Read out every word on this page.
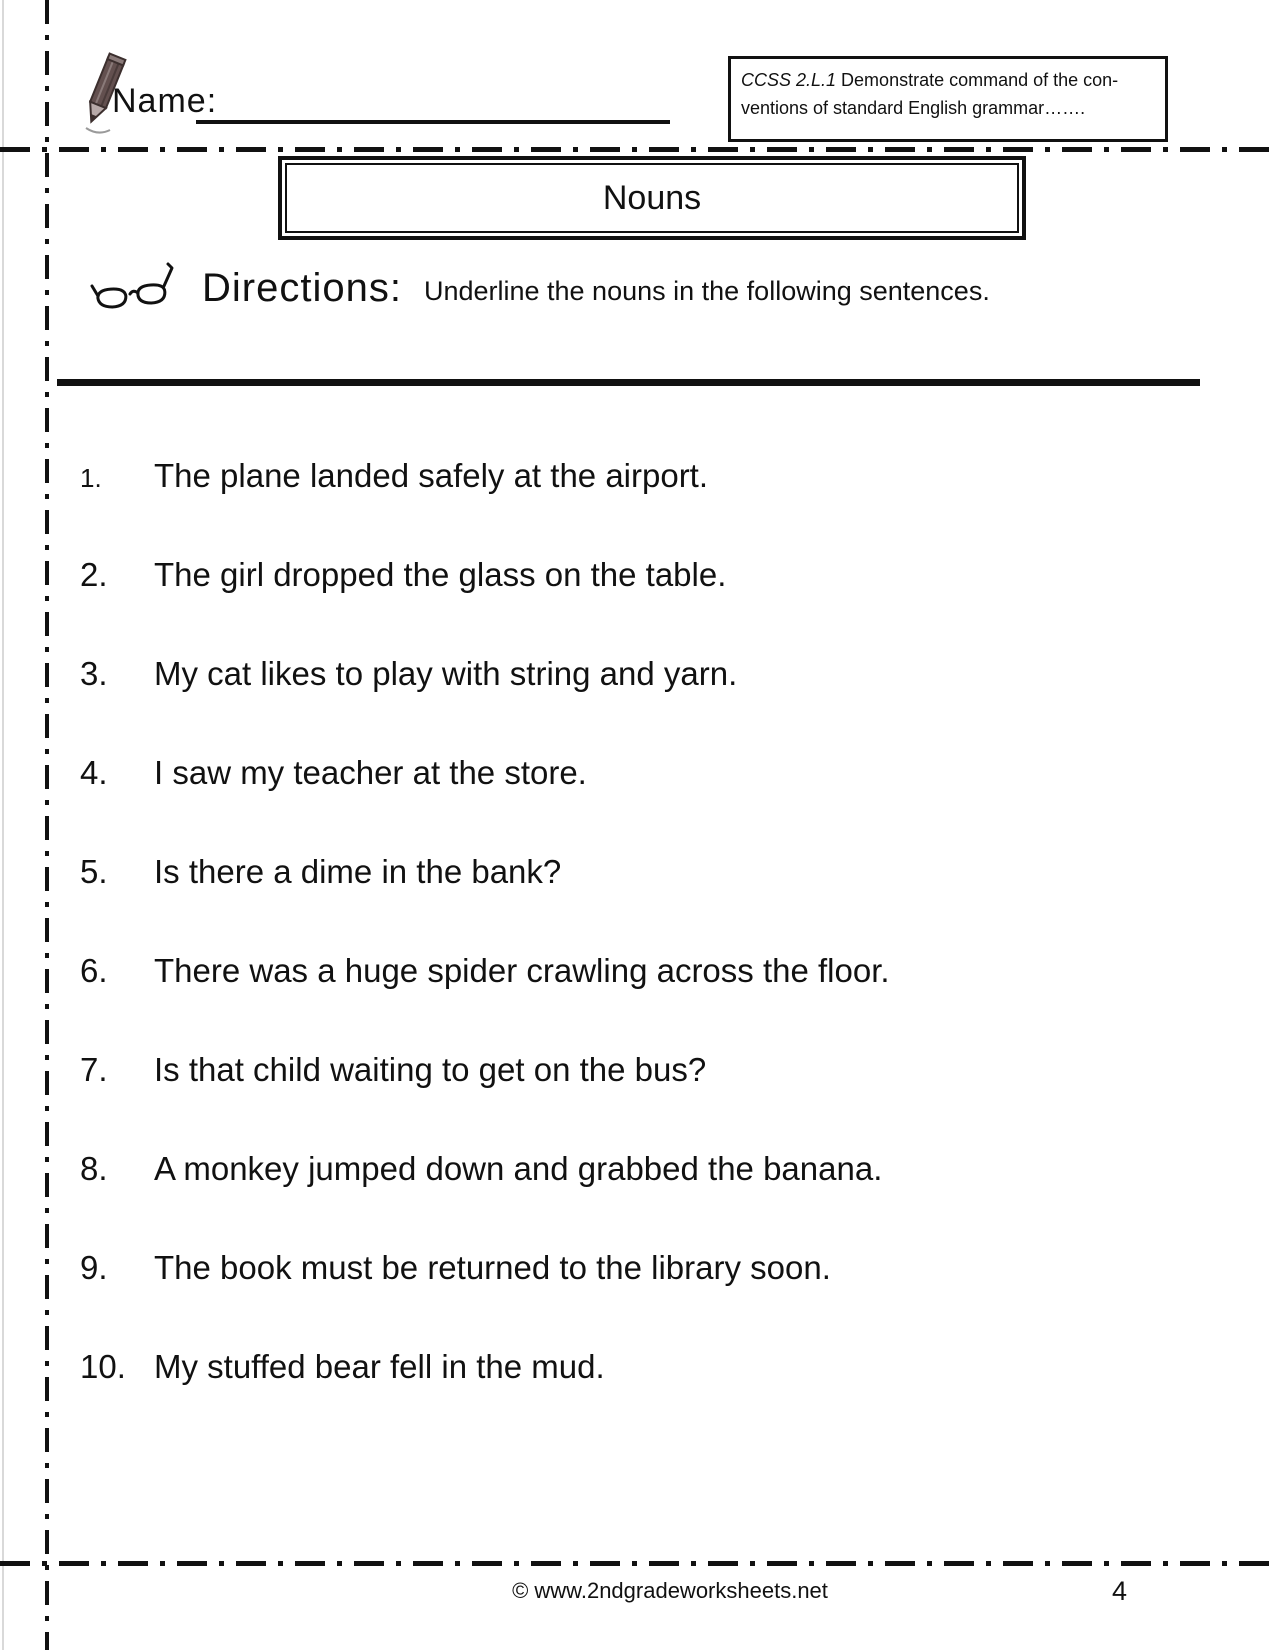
Name:
CCSS 2.L.1 Demonstrate command of the con-
ventions of standard English grammar…….
Nouns
Directions: Underline the nouns in the following sentences.
1.	The plane landed safely at the airport.
2.	The girl dropped the glass on the table.
3.	My cat likes to play with string and yarn.
4.	I saw my teacher at the store.
5.	Is there a dime in the bank?
6.	There was a huge spider crawling across the floor.
7.	Is that child waiting to get on the bus?
8.	A monkey jumped down and grabbed the banana.
9.	The book must be returned to the library soon.
10. My stuffed bear fell in the mud.
© www.2ndgradeworksheets.net	4
